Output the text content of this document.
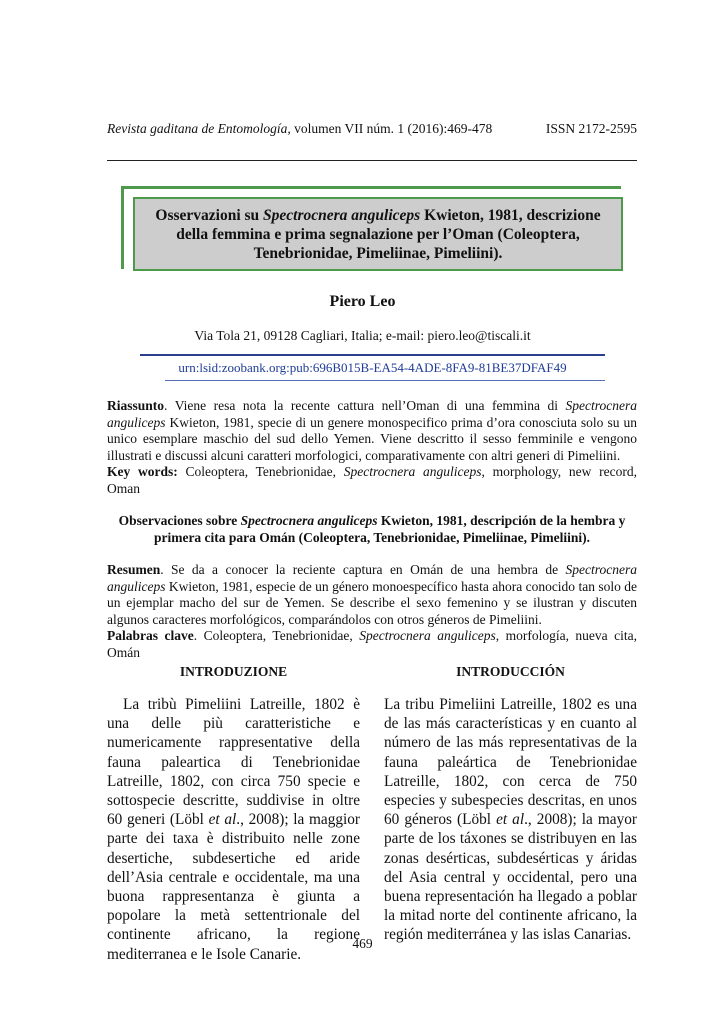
Revista gaditana de Entomología, volumen VII núm. 1 (2016):469-478	ISSN 2172-2595
Osservazioni su Spectrocnera anguliceps Kwieton, 1981, descrizione della femmina e prima segnalazione per l’Oman (Coleoptera, Tenebrionidae, Pimeliinae, Pimeliini).
Piero Leo
Via Tola 21, 09128 Cagliari, Italia; e-mail: piero.leo@tiscali.it
urn:lsid:zoobank.org:pub:696B015B-EA54-4ADE-8FA9-81BE37DFAF49
Riassunto. Viene resa nota la recente cattura nell’Oman di una femmina di Spectrocnera anguliceps Kwieton, 1981, specie di un genere monospecifico prima d’ora conosciuta solo su un unico esemplare maschio del sud dello Yemen. Viene descritto il sesso femminile e vengono illustrati e discussi alcuni caratteri morfologici, comparativamente con altri generi di Pimeliini.
Key words: Coleoptera, Tenebrionidae, Spectrocnera anguliceps, morphology, new record, Oman
Observaciones sobre Spectrocnera anguliceps Kwieton, 1981, descripción de la hembra y primera cita para Omán (Coleoptera, Tenebrionidae, Pimeliinae, Pimeliini).
Resumen. Se da a conocer la reciente captura en Omán de una hembra de Spectrocnera anguliceps Kwieton, 1981, especie de un género monoespecífico hasta ahora conocido tan solo de un ejemplar macho del sur de Yemen. Se describe el sexo femenino y se ilustran y discuten algunos caracteres morfológicos, comparándolos con otros géneros de Pimeliini.
Palabras clave. Coleoptera, Tenebrionidae, Spectrocnera anguliceps, morfología, nueva cita, Omán
INTRODUZIONE	INTRODUCCIÓN

La tribù Pimeliini Latreille, 1802 è una delle più caratteristiche e numericamente rappresentative della fauna paleartica di Tenebrionidae Latreille, 1802, con circa 750 specie e sottospecie descritte, suddivise in oltre 60 generi (Löbl et al., 2008); la maggior parte dei taxa è distribuito nelle zone desertiche, subdesertiche ed aride dell’Asia centrale e occidentale, ma una buona rappresentanza è giunta a popolare la metà settentrionale del continente africano, la regione mediterranea e le Isole Canarie.

La tribu Pimeliini Latreille, 1802 es una de las más características y en cuanto al número de las más representativas de la fauna paleártica de Tenebrionidae Latreille, 1802, con cerca de 750 especies y subespecies descritas, en unos 60 géneros (Löbl et al., 2008); la mayor parte de los táxones se distribuyen en las zonas desérticas, subdesérticas y áridas del Asia central y occidental, pero una buena representación ha llegado a poblar la mitad norte del continente africano, la región mediterránea y las islas Canarias.

469
